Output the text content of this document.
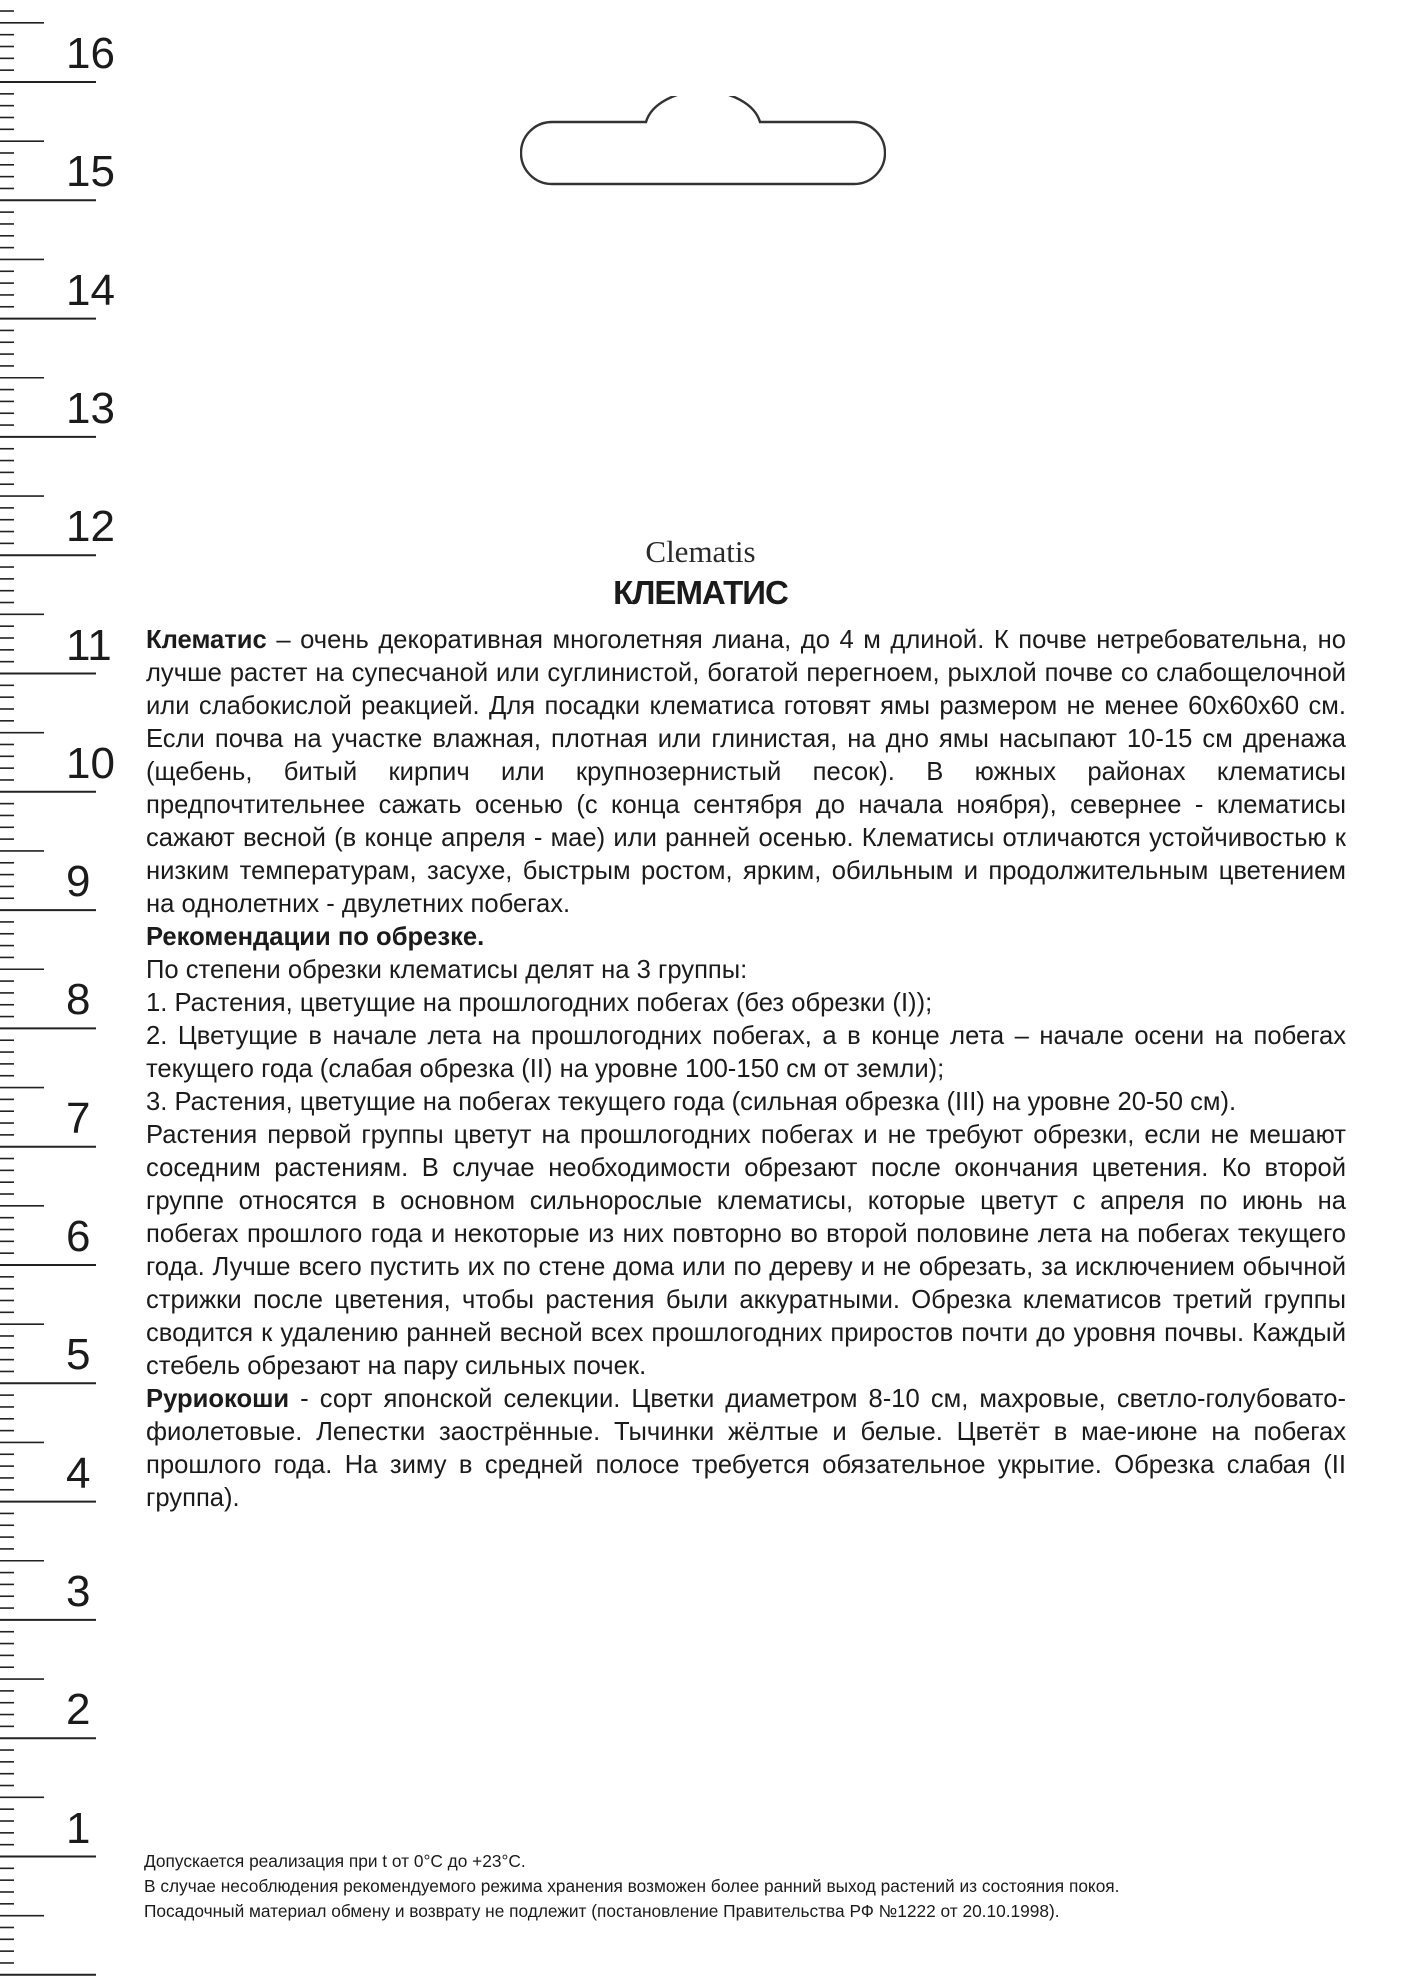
16
15
14
13
12
11
10
9
8
7
6
5
4
3
2
1
Clematis
КЛЕМАТИС

Клематис – очень декоративная многолетняя лиана, до 4 м длиной. К почве нетребовательна, но лучше растет на супесчаной или суглинистой, богатой перегноем, рыхлой почве со слабощелочной или слабокислой реакцией. Для посадки клематиса готовят ямы размером не менее 60х60х60 см. Если почва на участке влажная, плотная или глинистая, на дно ямы насыпают 10-15 см дренажа (щебень, битый кирпич или крупнозернистый песок). В южных районах клематисы предпочтительнее сажать осенью (с конца сентября до начала ноября), севернее - клематисы сажают весной (в конце апреля - мае) или ранней осенью. Клематисы отличаются устойчивостью к низким температурам, засухе, быстрым ростом, ярким, обильным и продолжительным цветением на однолетних - двулетних побегах.

Рекомендации по обрезке.

По степени обрезки клематисы делят на 3 группы:

1. Растения, цветущие на прошлогодних побегах (без обрезки (I));

2. Цветущие в начале лета на прошлогодних побегах, а в конце лета – начале осени на побегах текущего года (слабая обрезка (II) на уровне 100-150 см от земли);

3. Растения, цветущие на побегах текущего года (сильная обрезка (III) на уровне 20-50 см).

Растения первой группы цветут на прошлогодних побегах и не требуют обрезки, если не мешают соседним растениям. В случае необходимости обрезают после окончания цветения. Ко второй группе относятся в основном сильнорослые клематисы, которые цветут с апреля по июнь на побегах прошлого года и некоторые из них повторно во второй половине лета на побегах текущего года. Лучше всего пустить их по стене дома или по дереву и не обрезать, за исключением обычной стрижки после цветения, чтобы растения были аккуратными. Обрезка клематисов третий группы сводится к удалению ранней весной всех прошлогодних приростов почти до уровня почвы. Каждый стебель обрезают на пару сильных почек.

Руриокоши - сорт японской селекции. Цветки диаметром 8-10 см, махровые, светло-голубовато-фиолетовые. Лепестки заострённые. Тычинки жёлтые и белые. Цветёт в мае-июне на побегах прошлого года. На зиму в средней полосе требуется обязательное укрытие. Обрезка слабая (II группа).

Допускается реализация при t от 0°С до +23°С.

В случае несоблюдения рекомендуемого режима хранения возможен более ранний выход растений из состояния покоя.

Посадочный материал обмену и возврату не подлежит (постановление Правительства РФ №1222 от 20.10.1998).
